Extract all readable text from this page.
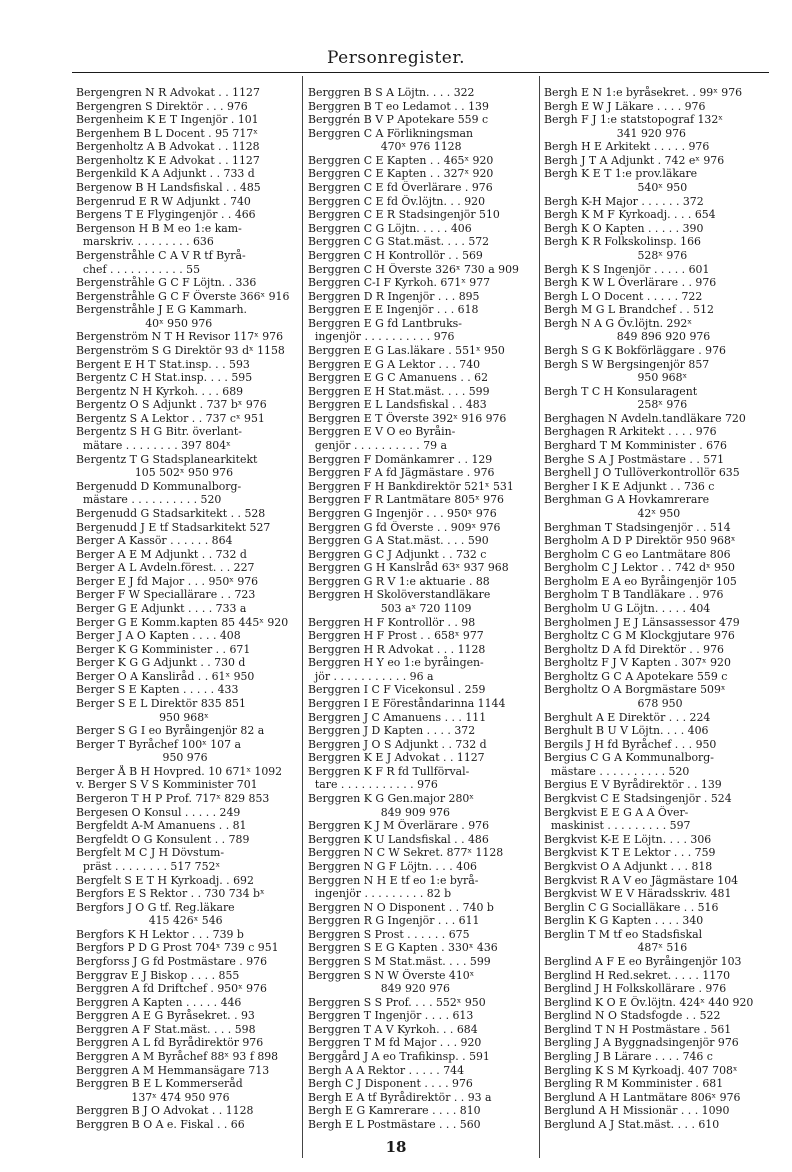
Personregister.
Bergengren N R Advokat . . 1127
Bergengren S Direktör . . . 976
Bergenheim K E T Ingenjör . 101
Bergenhem B L Docent . 95 717ˣ
Bergenholtz A B Advokat . . 1128
Bergenholtz K E Advokat . . 1127
Bergenkild K A Adjunkt . . 733 d
Bergenow B H Landsfiskal . . 485
Bergenrud E R W Adjunkt . 740
Bergens T E Flygingenjör . . 466
Bergenson H B M eo 1:e kam-
marskriv. . . . . . . . . 636
Bergenstråhle C A V R tf Byrå-
chef . . . . . . . . . . . 55
Bergenstråhle G C F Löjtn. . 336
Bergenstråhle G C F Överste 366ˣ 916
Bergenstråhle J E G Kammarh.
40ˣ 950 976
Bergenström N T H Revisor 117ˣ 976
Bergenström S G Direktör 93 dˣ 1158
Bergent E H T Stat.insp. . . 593
Bergentz C H Stat.insp. . . . 595
Bergentz N H Kyrkoh. . . . 689
Bergentz O S Adjunkt . 737 bˣ 976
Bergentz S A Lektor . . 737 cˣ 951
Bergentz S H G Bitr. överlant-
mätare . . . . . . . . 397 804ˣ
Bergentz T G Stadsplanearkitekt
105 502ˣ 950 976
Bergenudd D Kommunalborg-
mästare . . . . . . . . . . 520
Bergenudd G Stadsarkitekt . . 528
Bergenudd J E tf Stadsarkitekt 527
Berger A Kassör . . . . . . 864
Berger A E M Adjunkt . . 732 d
Berger A L Avdeln.förest. . . 227
Berger E J fd Major . . . 950ˣ 976
Berger F W Speciallärare . . 723
Berger G E Adjunkt . . . . 733 a
Berger G E Komm.kapten 85 445ˣ 920
Berger J A O Kapten . . . . 408
Berger K G Komminister . . 671
Berger K G G Adjunkt . . 730 d
Berger O A Kansliråd . . 61ˣ 950
Berger S E Kapten . . . . . 433
Berger S E L Direktör 835 851
950 968ˣ
Berger S G I eo Byråingenjör 82 a
Berger T Byråchef 100ˣ 107 a
950 976
Berger Å B H Hovpred. 10 671ˣ 1092
v. Berger S V S Komminister 701
Bergeron T H P Prof. 717ˣ 829 853
Bergesen O Konsul . . . . . 249
Bergfeldt A-M Amanuens . . 81
Bergfeldt O G Konsulent . . 789
Bergfelt M C J H Dövstum-
präst . . . . . . . . 517 752ˣ
Bergfelt S E T H Kyrkoadj. . 692
Bergfors E S Rektor . . 730 734 bˣ
Bergfors J O G tf. Reg.läkare
415 426ˣ 546
Bergfors K H Lektor . . . 739 b
Bergfors P D G Prost 704ˣ 739 c 951
Bergforss J G fd Postmästare . 976
Berggrav E J Biskop . . . . 855
Berggren A fd Driftchef . 950ˣ 976
Berggren A Kapten . . . . . 446
Berggren A E G Byråsekret. . 93
Berggren A F Stat.mäst. . . . 598
Berggren A L fd Byrådirektör 976
Berggren A M Byråchef 88ˣ 93 f 898
Berggren A M Hemmansägare 713
Berggren B E L Kommerseråd
137ˣ 474 950 976
Berggren B J O Advokat . . 1128
Berggren B O A e. Fiskal . . 66
Berggren B S A Löjtn. . . . 322
Berggren B T eo Ledamot . . 139
Berggrén B V P Apotekare 559 c
Berggren C A Förlikningsman
470ˣ 976 1128
Berggren C E Kapten . . 465ˣ 920
Berggren C E Kapten . . 327ˣ 920
Berggren C E fd Överlärare . 976
Berggren C E fd Öv.löjtn. . . 920
Berggren C E R Stadsingenjör 510
Berggren C G Löjtn. . . . . 406
Berggren C G Stat.mäst. . . . 572
Berggren C H Kontrollör . . 569
Berggren C H Överste 326ˣ 730 a 909
Berggren C-I F Kyrkoh. 671ˣ 977
Berggren D R Ingenjör . . . 895
Berggren E E Ingenjör . . . 618
Berggren E G fd Lantbruks-
ingenjör . . . . . . . . . . 976
Berggren E G Las.läkare . 551ˣ 950
Berggren E G A Lektor . . . 740
Berggren E G C Amanuens . . 62
Berggren E H Stat.mäst. . . . 599
Berggren E L Landsfiskal . . 483
Berggren E T Överste 392ˣ 916 976
Berggren E V O eo Byråin-
genjör . . . . . . . . . . 79 a
Berggren F Domänkamrer . . 129
Berggren F A fd Jägmästare . 976
Berggren F H Bankdirektör 521ˣ 531
Berggren F R Lantmätare 805ˣ 976
Berggren G Ingenjör . . . 950ˣ 976
Berggren G fd Överste . . 909ˣ 976
Berggren G A Stat.mäst. . . . 590
Berggren G C J Adjunkt . . 732 c
Berggren G H Kanslråd 63ˣ 937 968
Berggren G R V 1:e aktuarie . 88
Berggren H Skolöverstandläkare
503 aˣ 720 1109
Berggren H F Kontrollör . . 98
Berggren H F Prost . . 658ˣ 977
Berggren H R Advokat . . . 1128
Berggren H Y eo 1:e byråingen-
jör . . . . . . . . . . . 96 a
Berggren I C F Vicekonsul . 259
Berggren I E Föreståndarinna 1144
Berggren J C Amanuens . . . 111
Berggren J D Kapten . . . . 372
Berggren J O S Adjunkt . . 732 d
Berggren K E J Advokat . . 1127
Berggren K F R fd Tullförval-
tare . . . . . . . . . . . 976
Berggren K G Gen.major 280ˣ
849 909 976
Berggren K J M Överlärare . 976
Berggren K U Landsfiskal . . 486
Berggren N C W Sekret. 877ˣ 1128
Berggren N G F Löjtn. . . . 406
Berggren N H E tf eo 1:e byrå-
ingenjör . . . . . . . . . 82 b
Berggren N O Disponent . . 740 b
Berggren R G Ingenjör . . . 611
Berggren S Prost . . . . . . 675
Berggren S E G Kapten . 330ˣ 436
Berggren S M Stat.mäst. . . . 599
Berggren S N W Överste 410ˣ
849 920 976
Berggren S S Prof. . . . 552ˣ 950
Berggren T Ingenjör . . . . 613
Berggren T A V Kyrkoh. . . 684
Berggren T M fd Major . . . 920
Berggård J A eo Trafikinsp. . 591
Bergh A A Rektor . . . . . 744
Bergh C J Disponent . . . . 976
Bergh E A tf Byrådirektör . . 93 a
Bergh E G Kamrerare . . . . 810
Bergh E L Postmästare . . . 560
Bergh E N 1:e byråsekret. . 99ˣ 976
Bergh E W J Läkare . . . . 976
Bergh F J 1:e statstopograf 132ˣ
341 920 976
Bergh H E Arkitekt . . . . . 976
Bergh J T A Adjunkt . 742 eˣ 976
Bergh K E T 1:e prov.läkare
540ˣ 950
Bergh K-H Major . . . . . . 372
Bergh K M F Kyrkoadj. . . . 654
Bergh K O Kapten . . . . . 390
Bergh K R Folkskolinsp. 166
528ˣ 976
Bergh K S Ingenjör . . . . . 601
Bergh K W L Överlärare . . 976
Bergh L O Docent . . . . . 722
Bergh M G L Brandchef . . 512
Bergh N A G Öv.löjtn. 292ˣ
849 896 920 976
Bergh S G K Bokförläggare . 976
Bergh S W Bergsingenjör 857
950 968ˣ
Bergh T C H Konsularagent
258ˣ 976
Berghagen N Avdeln.tandläkare 720
Berghagen R Arkitekt . . . . 976
Berghard T M Komminister . 676
Berghe S A J Postmästare . . 571
Berghell J O Tullöverkontrollör 635
Bergher I K E Adjunkt . . 736 c
Berghman G A Hovkamrerare
42ˣ 950
Berghman T Stadsingenjör . . 514
Bergholm A D P Direktör 950 968ˣ
Bergholm C G eo Lantmätare 806
Bergholm C J Lektor . . 742 dˣ 950
Bergholm E A eo Byråingenjör 105
Bergholm T B Tandläkare . . 976
Bergholm U G Löjtn. . . . . 404
Bergholmen J E J Länsassessor 479
Bergholtz C G M Klockgjutare 976
Bergholtz D A fd Direktör . . 976
Bergholtz F J V Kapten . 307ˣ 920
Bergholtz G C A Apotekare 559 c
Bergholtz O A Borgmästare 509ˣ
678 950
Berghult A E Direktör . . . 224
Berghult B U V Löjtn. . . . 406
Bergils J H fd Byråchef . . . 950
Bergius C G A Kommunalborg-
mästare . . . . . . . . . . 520
Bergius E V Byrådirektör . . 139
Bergkvist C E Stadsingenjör . 524
Bergkvist E E G A A Över-
maskinist . . . . . . . . . 597
Bergkvist K-E E Löjtn. . . . 306
Bergkvist K T E Lektor . . . 759
Bergkvist O A Adjunkt . . . 818
Bergkvist R A V eo Jägmästare 104
Bergkvist W E V Häradsskriv. 481
Berglin C G Socialläkare . . 516
Berglin K G Kapten . . . . 340
Berglin T M tf eo Stadsfiskal
487ˣ 516
Berglind A F E eo Byråingenjör 103
Berglind H Red.sekret. . . . . 1170
Berglind J H Folkskollärare . 976
Berglind K O E Öv.löjtn. 424ˣ 440 920
Berglind N O Stadsfogde . . 522
Berglind T N H Postmästare . 561
Bergling J A Byggnadsingenjör 976
Bergling J B Lärare . . . . 746 c
Bergling K S M Kyrkoadj. 407 708ˣ
Bergling R M Komminister . 681
Berglund A H Lantmätare 806ˣ 976
Berglund A H Missionär . . . 1090
Berglund A J Stat.mäst. . . . 610
18
